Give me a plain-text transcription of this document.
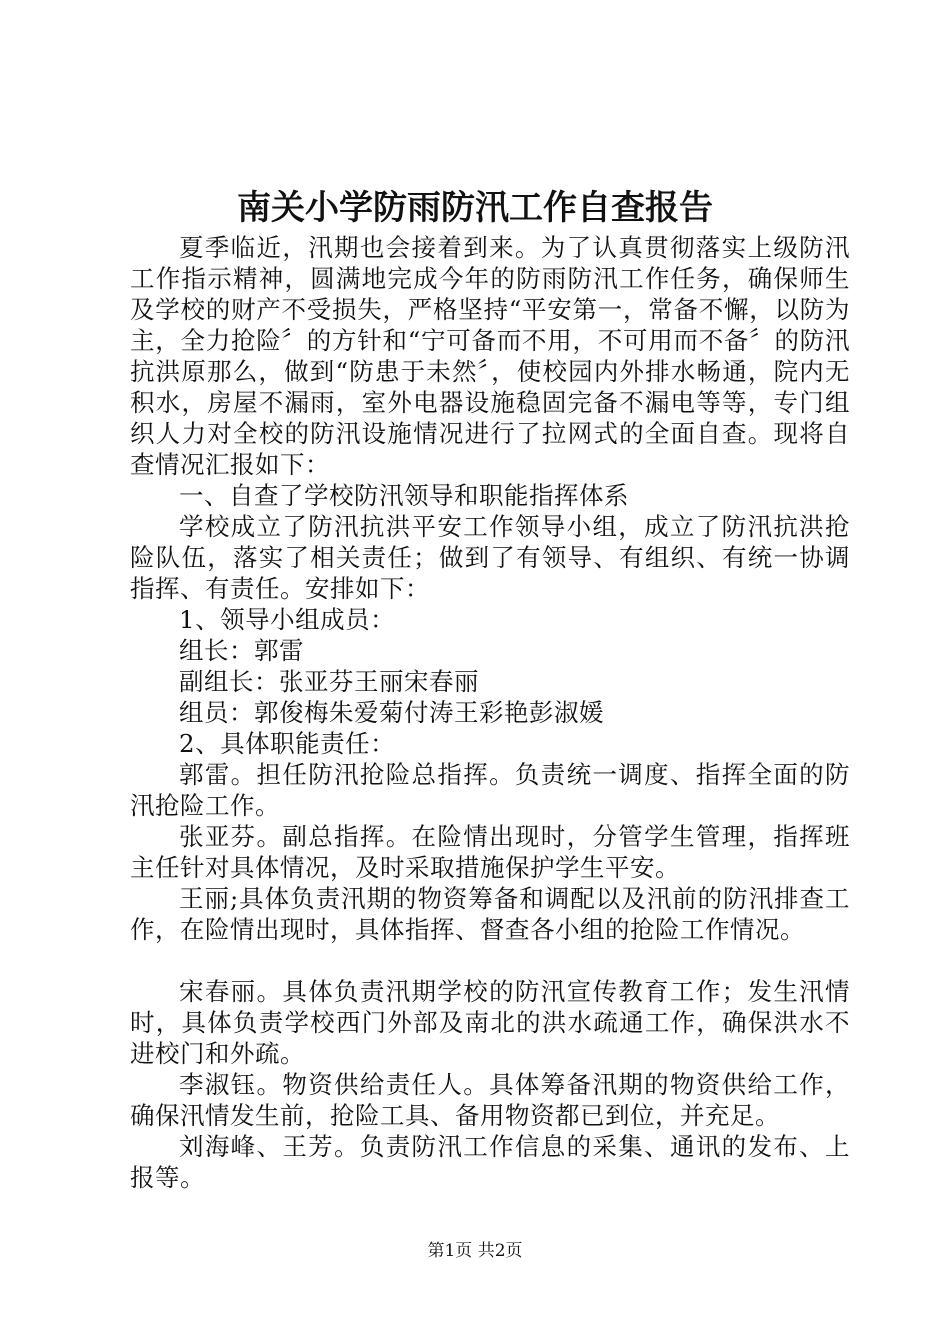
南关小学防雨防汛工作自查报告

夏季临近，汛期也会接着到来。为了认真贯彻落实上级防汛工作指示精神，圆满地完成今年的防雨防汛工作任务，确保师生及学校的财产不受损失，严格坚持“平安第一，常备不懈，以防为主，全力抢险〞的方针和“宁可备而不用，不可用而不备〞的防汛抗洪原那么，做到“防患于未然〞，使校园内外排水畅通，院内无积水，房屋不漏雨，室外电器设施稳固完备不漏电等等，专门组织人力对全校的防汛设施情况进行了拉网式的全面自查。现将自查情况汇报如下：

一、自查了学校防汛领导和职能指挥体系

学校成立了防汛抗洪平安工作领导小组，成立了防汛抗洪抢险队伍，落实了相关责任；做到了有领导、有组织、有统一协调指挥、有责任。安排如下：

1、领导小组成员：

组长：郭雷

副组长：张亚芬王丽宋春丽

组员：郭俊梅朱爱菊付涛王彩艳彭淑媛

2、具体职能责任：

郭雷。担任防汛抢险总指挥。负责统一调度、指挥全面的防汛抢险工作。

张亚芬。副总指挥。在险情出现时，分管学生管理，指挥班主任针对具体情况，及时采取措施保护学生平安。

王丽;具体负责汛期的物资筹备和调配以及汛前的防汛排查工作，在险情出现时，具体指挥、督查各小组的抢险工作情况。

宋春丽。具体负责汛期学校的防汛宣传教育工作；发生汛情时，具体负责学校西门外部及南北的洪水疏通工作，确保洪水不进校门和外疏。

李淑钰。物资供给责任人。具体筹备汛期的物资供给工作，确保汛情发生前，抢险工具、备用物资都已到位，并充足。

刘海峰、王芳。负责防汛工作信息的采集、通讯的发布、上报等。

第1页 共2页
